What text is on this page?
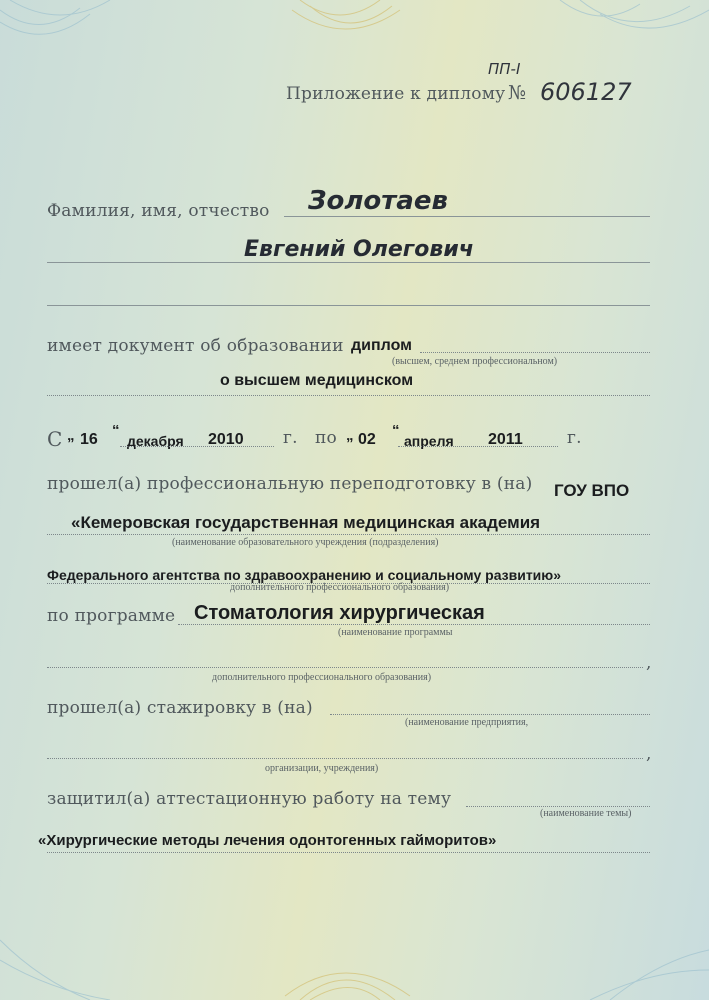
Приложение к диплому
ПП-I
№ 606127
Фамилия, имя, отчество Золотаев
Евгений Олегович
имеет документ об образовании диплом
(высшем, среднем профессиональном)
о высшем медицинском
С „ 16
“
декабря 2010 г. по „ 02
“
апреля 2011	г.
прошел(а) профессиональную переподготовку в (на) ГОУ ВПО
«Кемеровская государственная медицинская академия
(наименование образовательного учреждения (подразделения)
Федерального агентства по здравоохранению и социальному развитию»
дополнительного профессионального образования)
по программе Стоматология хирургическая
(наименование программы
,
дополнительного профессионального образования)
прошел(а) стажировку в (на)
(наименование предприятия,
,
организации, учреждения)
защитил(а) аттестационную работу на тему
(наименование темы)
«Хирургические методы лечения одонтогенных гайморитов»
